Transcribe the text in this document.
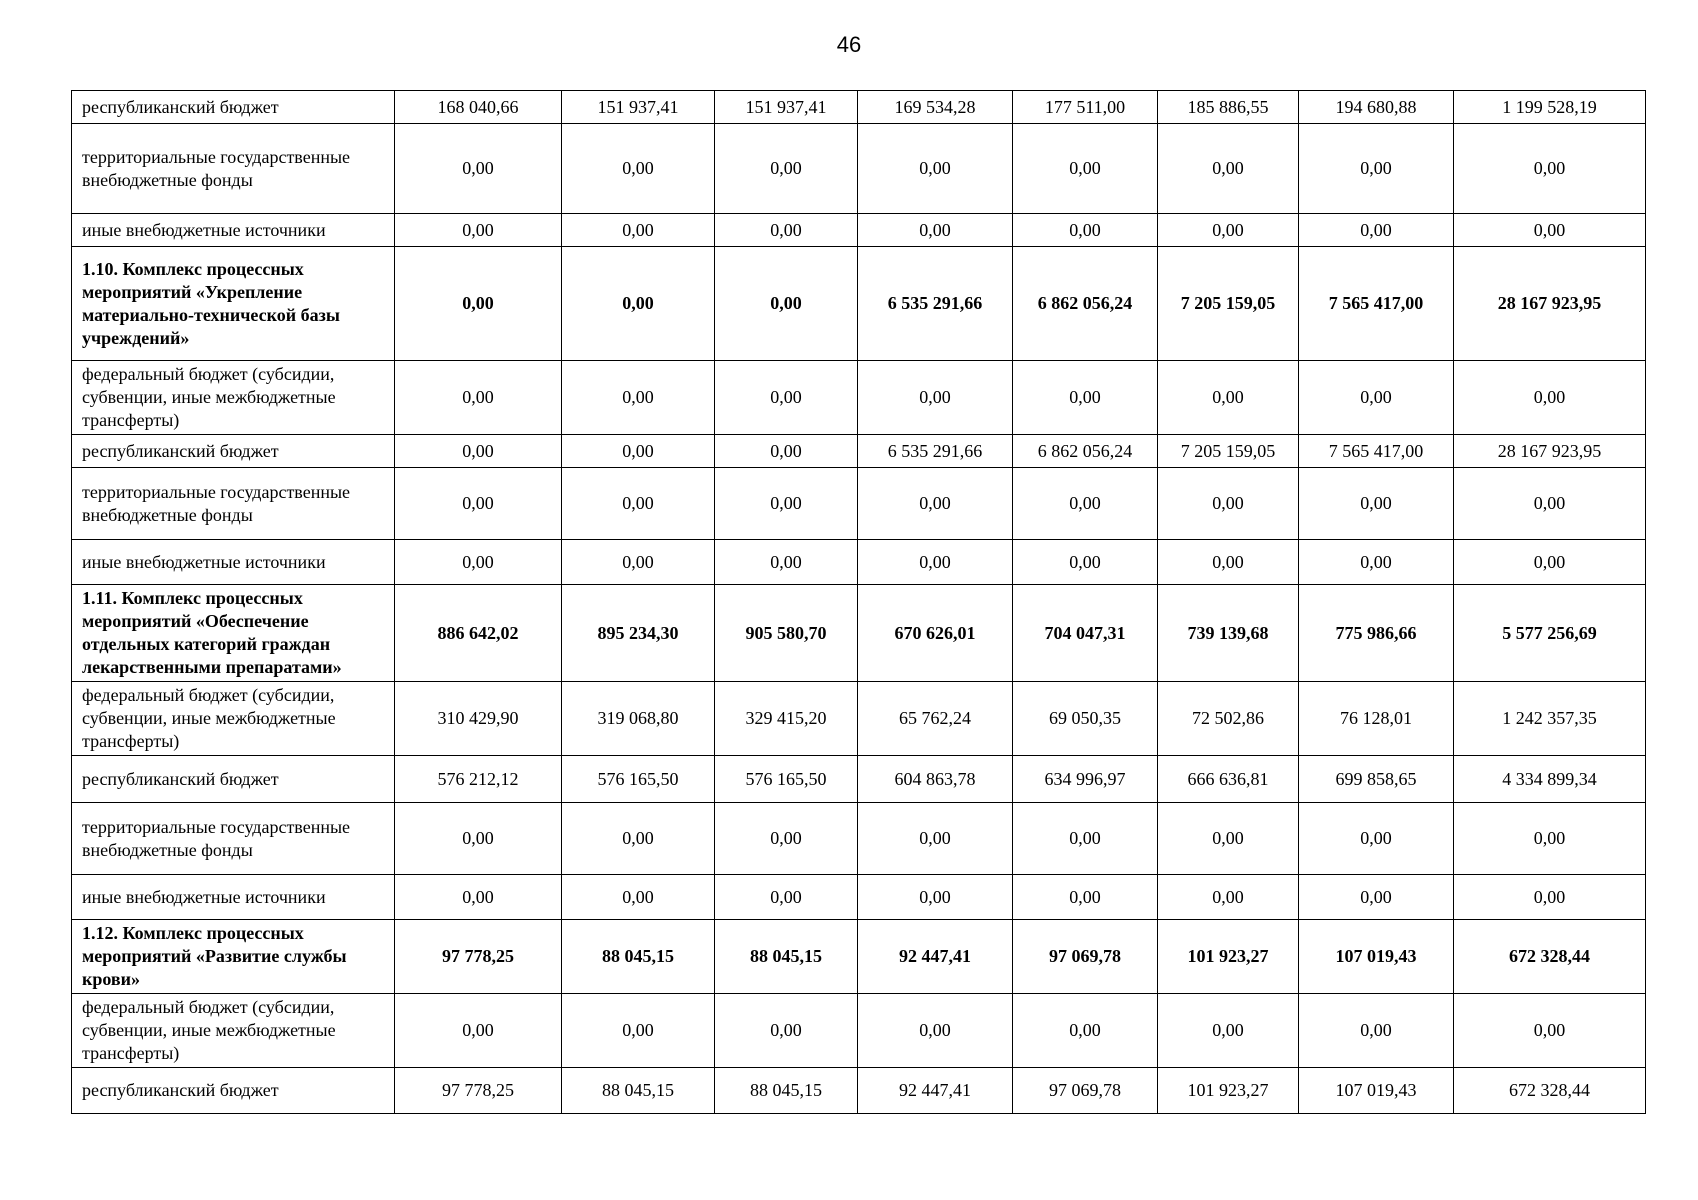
46
республиканский бюджет	168 040,66	151 937,41	151 937,41	169 534,28	177 511,00	185 886,55	194 680,88	1 199 528,19
территориальные государственные внебюджетные фонды	0,00	0,00	0,00	0,00	0,00	0,00	0,00	0,00
иные внебюджетные источники	0,00	0,00	0,00	0,00	0,00	0,00	0,00	0,00
1.10. Комплекс процессных мероприятий «Укрепление материально-технической базы учреждений»	0,00	0,00	0,00	6 535 291,66	6 862 056,24	7 205 159,05	7 565 417,00	28 167 923,95
федеральный бюджет (субсидии, субвенции, иные межбюджетные трансферты)	0,00	0,00	0,00	0,00	0,00	0,00	0,00	0,00
республиканский бюджет	0,00	0,00	0,00	6 535 291,66	6 862 056,24	7 205 159,05	7 565 417,00	28 167 923,95
территориальные государственные внебюджетные фонды	0,00	0,00	0,00	0,00	0,00	0,00	0,00	0,00
иные внебюджетные источники	0,00	0,00	0,00	0,00	0,00	0,00	0,00	0,00
1.11. Комплекс процессных мероприятий «Обеспечение отдельных категорий граждан лекарственными препаратами»	886 642,02	895 234,30	905 580,70	670 626,01	704 047,31	739 139,68	775 986,66	5 577 256,69
федеральный бюджет (субсидии, субвенции, иные межбюджетные трансферты)	310 429,90	319 068,80	329 415,20	65 762,24	69 050,35	72 502,86	76 128,01	1 242 357,35
республиканский бюджет	576 212,12	576 165,50	576 165,50	604 863,78	634 996,97	666 636,81	699 858,65	4 334 899,34
территориальные государственные внебюджетные фонды	0,00	0,00	0,00	0,00	0,00	0,00	0,00	0,00
иные внебюджетные источники	0,00	0,00	0,00	0,00	0,00	0,00	0,00	0,00
1.12. Комплекс процессных мероприятий «Развитие службы крови»	97 778,25	88 045,15	88 045,15	92 447,41	97 069,78	101 923,27	107 019,43	672 328,44
федеральный бюджет (субсидии, субвенции, иные межбюджетные трансферты)	0,00	0,00	0,00	0,00	0,00	0,00	0,00	0,00
республиканский бюджет	97 778,25	88 045,15	88 045,15	92 447,41	97 069,78	101 923,27	107 019,43	672 328,44
